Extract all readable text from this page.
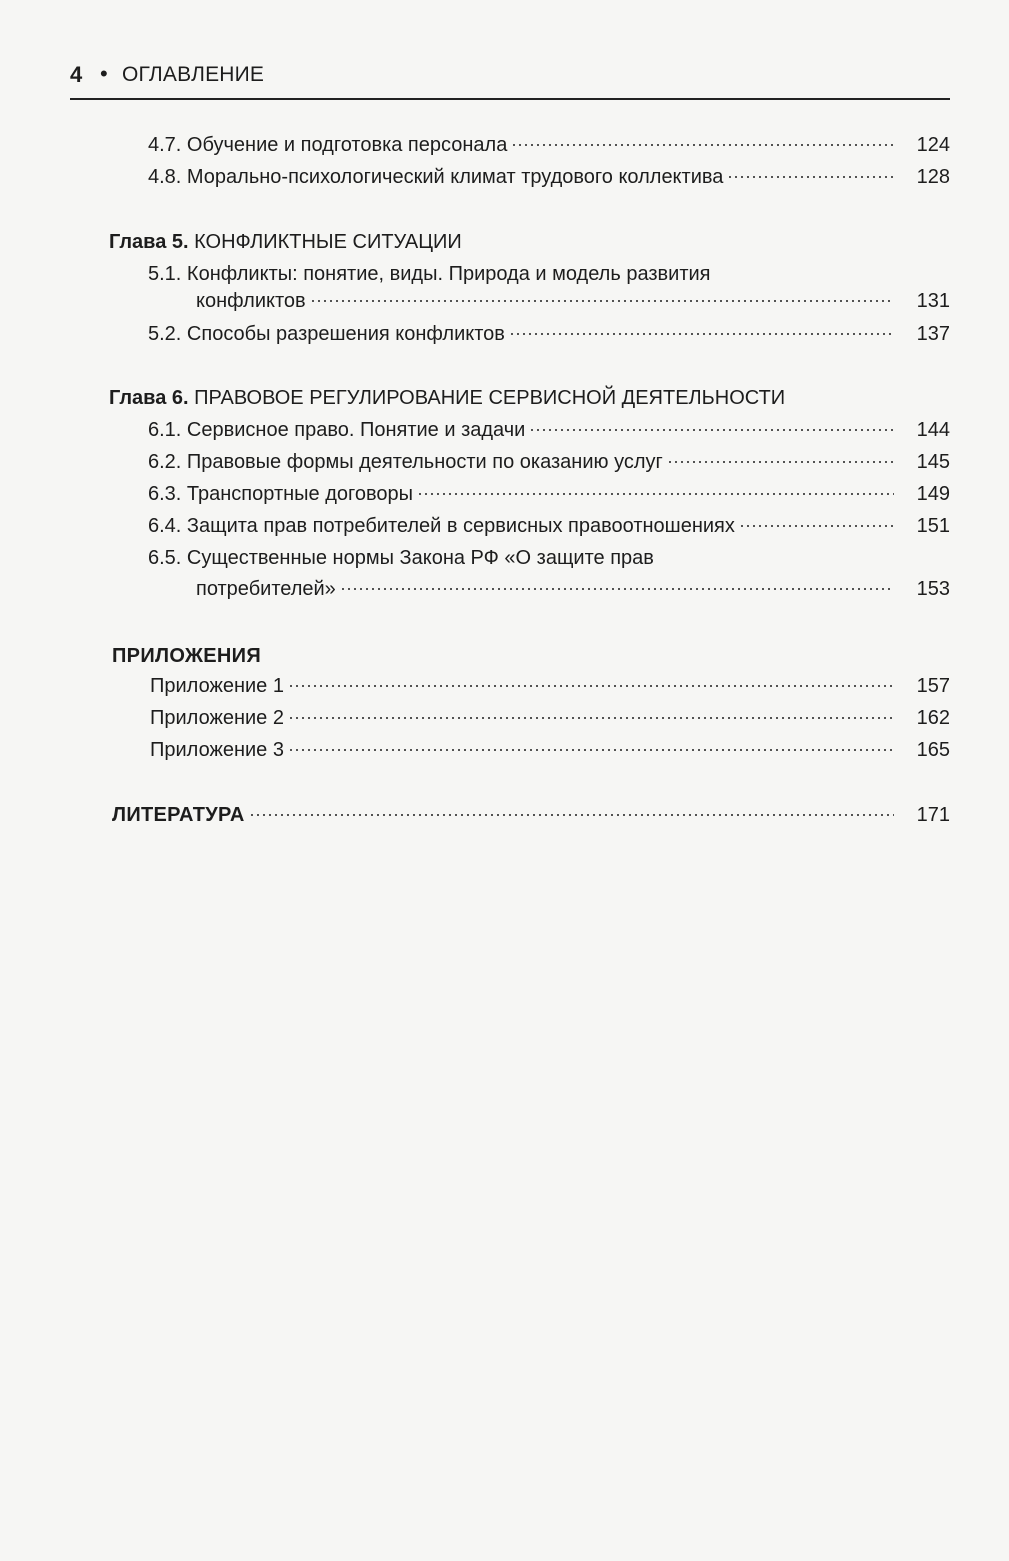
4 • ОГЛАВЛЕНИЕ
4.7. Обучение и подготовка персонала	124
4.8. Морально-психологический климат трудового коллектива	128
Глава 5. КОНФЛИКТНЫЕ СИТУАЦИИ
5.1. Конфликты: понятие, виды. Природа и модель развития
конфликтов	131
5.2. Способы разрешения конфликтов	137
Глава 6. ПРАВОВОЕ РЕГУЛИРОВАНИЕ СЕРВИСНОЙ ДЕЯТЕЛЬНОСТИ
6.1. Сервисное право. Понятие и задачи	144
6.2. Правовые формы деятельности по оказанию услуг	145
6.3. Транспортные договоры	149
6.4. Защита прав потребителей в сервисных правоотношениях	151
6.5. Существенные нормы Закона РФ «О защите прав
потребителей»	153
ПРИЛОЖЕНИЯ
Приложение 1	157
Приложение 2	162
Приложение 3	165
ЛИТЕРАТУРА	171
